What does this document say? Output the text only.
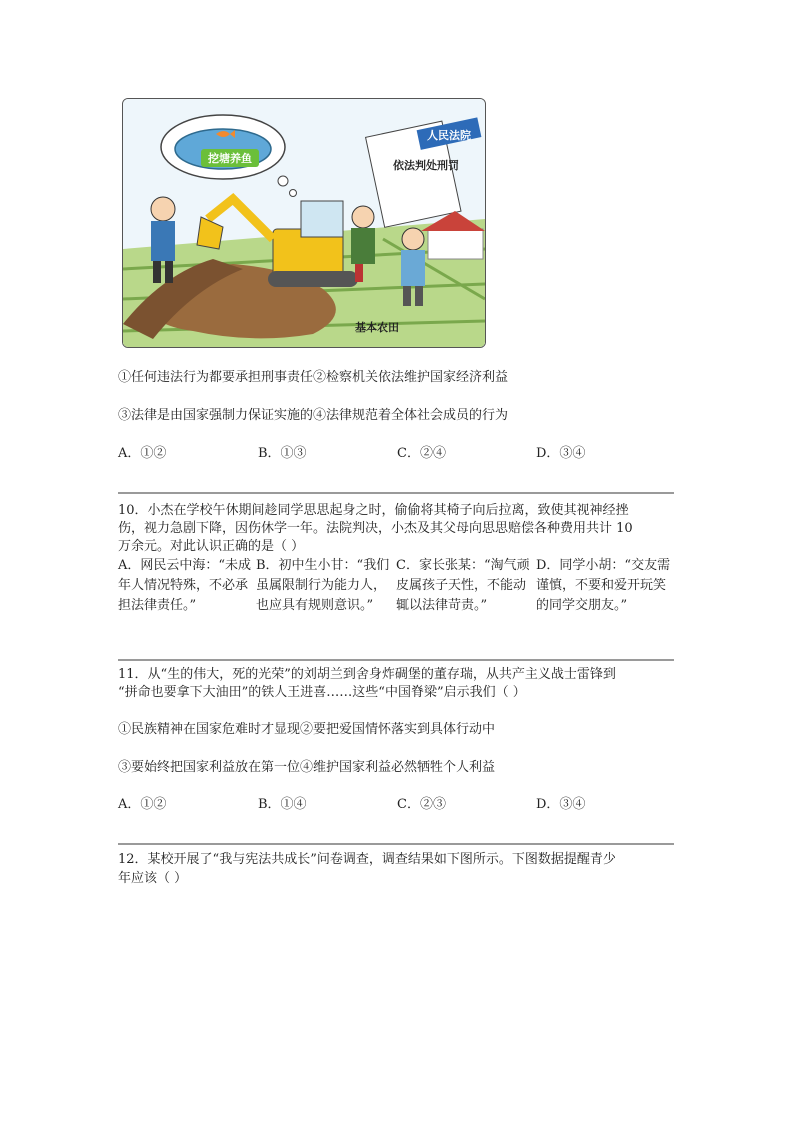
挖塘养鱼
依法判处刑罚
人民法院
基本农田
①任何违法行为都要承担刑事责任②检察机关依法维护国家经济利益
③法律是由国家强制力保证实施的④法律规范着全体社会成员的行为
A．①②	B．①③	C．②④	D．③④
10．小杰在学校午休期间趁同学思思起身之时，偷偷将其椅子向后拉离，致使其视神经挫
伤，视力急剧下降，因伤休学一年。法院判决，小杰及其父母向思思赔偿各种费用共计 10
万余元。对此认识正确的是（ ）
A．网民云中海：“未成年人情况特殊，不必承担法律责任。”
B．初中生小甘：“我们虽属限制行为能力人，也应具有规则意识。”
C．家长张某：“淘气顽皮属孩子天性，不能动辄以法律苛责。”
D．同学小胡：“交友需谨慎，不要和爱开玩笑的同学交朋友。”
11．从“生的伟大，死的光荣”的刘胡兰到舍身炸碉堡的董存瑞，从共产主义战士雷锋到
“拼命也要拿下大油田”的铁人王进喜……这些“中国脊梁”启示我们（ ）
①民族精神在国家危难时才显现②要把爱国情怀落实到具体行动中
③要始终把国家利益放在第一位④维护国家利益必然牺牲个人利益
A．①②	B．①④	C．②③	D．③④
12．某校开展了“我与宪法共成长”问卷调查，调查结果如下图所示。下图数据提醒青少
年应该（ ）
